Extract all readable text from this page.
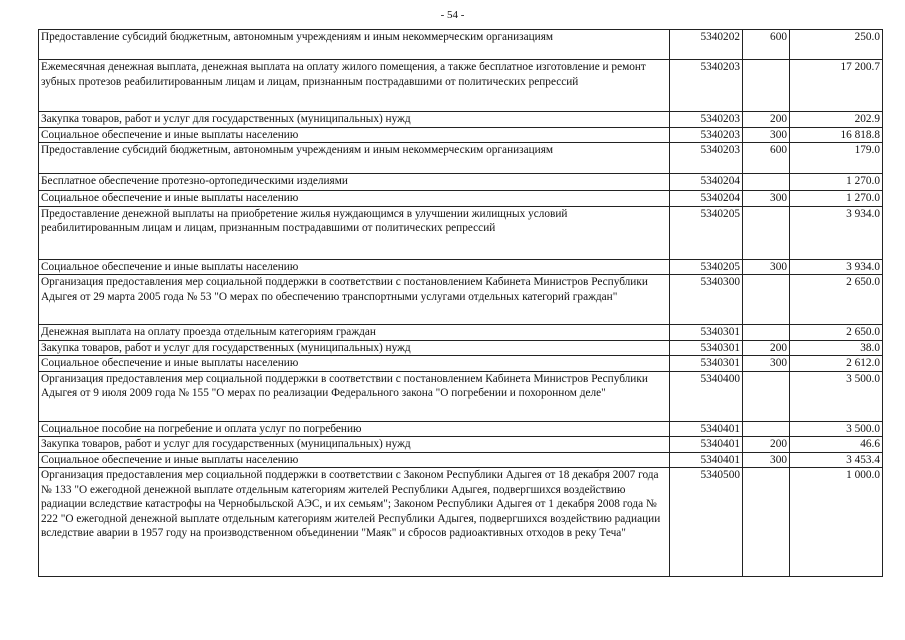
- 54 -
Предоставление субсидий бюджетным, автономным учреждениям и иным некоммерческим организациям	5340202	600	250.0
Ежемесячная денежная выплата, денежная выплата на оплату жилого помещения, а также бесплатное изготовление и ремонт зубных протезов реабилитированным лицам и лицам, признанным пострадавшими от политических репрессий	5340203		17 200.7
Закупка товаров, работ и услуг для государственных (муниципальных) нужд	5340203	200	202.9
Социальное обеспечение и иные выплаты населению	5340203	300	16 818.8
Предоставление субсидий бюджетным, автономным учреждениям и иным некоммерческим организациям	5340203	600	179.0
Бесплатное обеспечение протезно-ортопедическими изделиями	5340204		1 270.0
Социальное обеспечение и иные выплаты населению	5340204	300	1 270.0
Предоставление денежной выплаты на приобретение жилья нуждающимся в улучшении жилищных условий реабилитированным лицам и лицам, признанным пострадавшими от политических репрессий	5340205		3 934.0
Социальное обеспечение и иные выплаты населению	5340205	300	3 934.0
Организация предоставления мер социальной поддержки в соответствии с постановлением Кабинета Министров Республики Адыгея от 29 марта 2005 года № 53 "О мерах по обеспечению транспортными услугами отдельных категорий граждан"	5340300		2 650.0
Денежная выплата на оплату проезда отдельным категориям граждан	5340301		2 650.0
Закупка товаров, работ и услуг для государственных (муниципальных) нужд	5340301	200	38.0
Социальное обеспечение и иные выплаты населению	5340301	300	2 612.0
Организация предоставления мер социальной поддержки в соответствии с постановлением Кабинета Министров Республики Адыгея от 9 июля 2009 года № 155 "О мерах по реализации Федерального закона "О погребении и похоронном деле"	5340400		3 500.0
Социальное пособие на погребение и оплата услуг по погребению	5340401		3 500.0
Закупка товаров, работ и услуг для государственных (муниципальных) нужд	5340401	200	46.6
Социальное обеспечение и иные выплаты населению	5340401	300	3 453.4
Организация предоставления мер социальной поддержки в соответствии с Законом Республики Адыгея от 18 декабря 2007 года № 133 "О ежегодной денежной выплате отдельным категориям жителей Республики Адыгея, подвергшихся воздействию радиации вследствие катастрофы на Чернобыльской АЭС, и их семьям"; Законом Республики Адыгея от 1 декабря 2008 года № 222 "О ежегодной денежной выплате отдельным категориям жителей Республики Адыгея, подвергшихся воздействию радиации вследствие аварии в 1957 году на производственном объединении "Маяк" и сбросов радиоактивных отходов в реку Теча"	5340500		1 000.0
